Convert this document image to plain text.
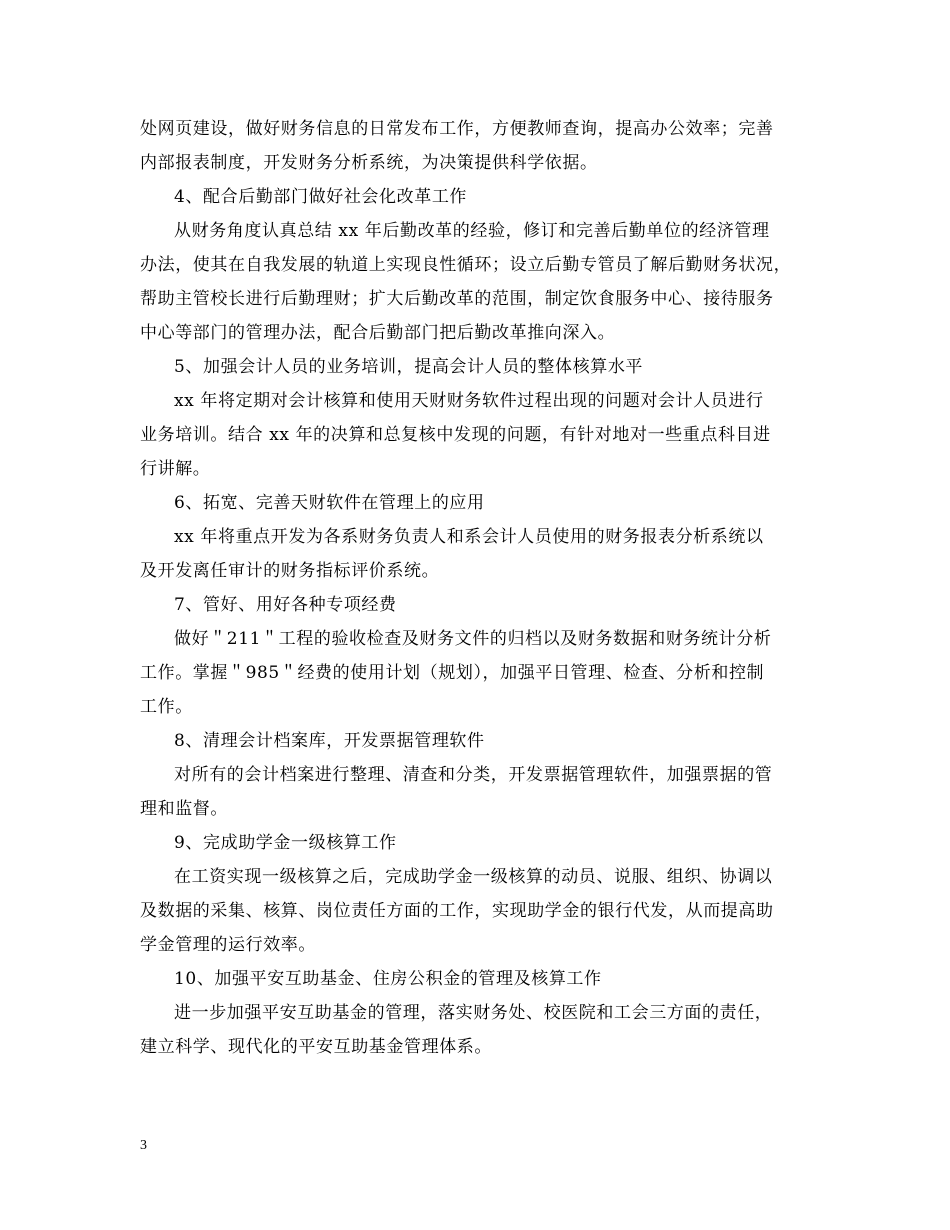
处网页建设，做好财务信息的日常发布工作，方便教师查询，提高办公效率；完善
内部报表制度，开发财务分析系统，为决策提供科学依据。
4、配合后勤部门做好社会化改革工作
从财务角度认真总结 xx 年后勤改革的经验，修订和完善后勤单位的经济管理
办法，使其在自我发展的轨道上实现良性循环；设立后勤专管员了解后勤财务状况，
帮助主管校长进行后勤理财；扩大后勤改革的范围，制定饮食服务中心、接待服务
中心等部门的管理办法，配合后勤部门把后勤改革推向深入。
5、加强会计人员的业务培训，提高会计人员的整体核算水平
xx 年将定期对会计核算和使用天财财务软件过程出现的问题对会计人员进行
业务培训。结合 xx 年的决算和总复核中发现的问题，有针对地对一些重点科目进
行讲解。
6、拓宽、完善天财软件在管理上的应用
xx 年将重点开发为各系财务负责人和系会计人员使用的财务报表分析系统以
及开发离任审计的财务指标评价系统。
7、管好、用好各种专项经费
做好＂211＂工程的验收检查及财务文件的归档以及财务数据和财务统计分析
工作。掌握＂985＂经费的使用计划（规划），加强平日管理、检查、分析和控制
工作。
8、清理会计档案库，开发票据管理软件
对所有的会计档案进行整理、清查和分类，开发票据管理软件，加强票据的管
理和监督。
9、完成助学金一级核算工作
在工资实现一级核算之后，完成助学金一级核算的动员、说服、组织、协调以
及数据的采集、核算、岗位责任方面的工作，实现助学金的银行代发，从而提高助
学金管理的运行效率。
10、加强平安互助基金、住房公积金的管理及核算工作
进一步加强平安互助基金的管理，落实财务处、校医院和工会三方面的责任，
建立科学、现代化的平安互助基金管理体系。
3
